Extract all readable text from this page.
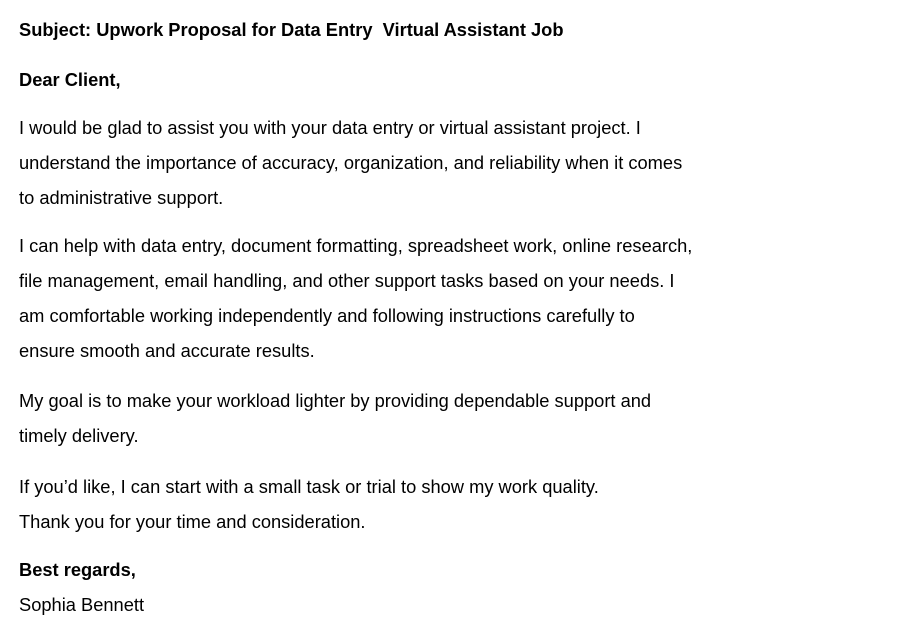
Subject: Upwork Proposal for Data Entry  Virtual Assistant Job
Dear Client,
I would be glad to assist you with your data entry or virtual assistant project. I
understand the importance of accuracy, organization, and reliability when it comes
to administrative support.
I can help with data entry, document formatting, spreadsheet work, online research,
file management, email handling, and other support tasks based on your needs. I
am comfortable working independently and following instructions carefully to
ensure smooth and accurate results.
My goal is to make your workload lighter by providing dependable support and
timely delivery.
If you’d like, I can start with a small task or trial to show my work quality.
Thank you for your time and consideration.
Best regards,
Sophia Bennett
